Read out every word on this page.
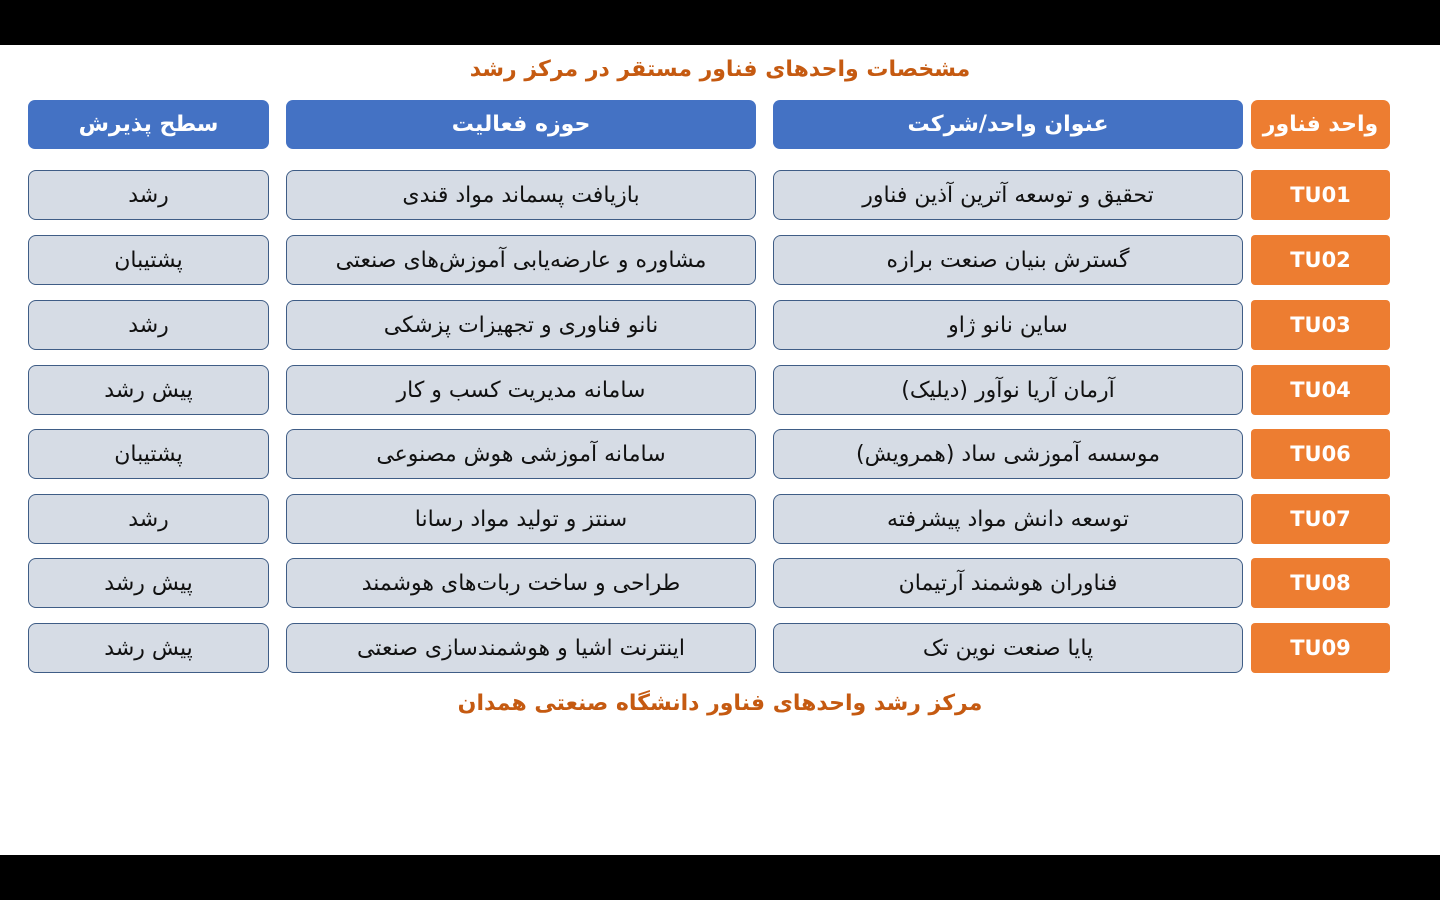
مشخصات واحدهای فناور مستقر در مرکز رشد
واحد فناور
عنوان واحد/شرکت
حوزه فعالیت
سطح پذیرش
TU01
تحقیق و توسعه آترین آذین فناور
بازیافت پسماند مواد قندی
رشد
TU02
گسترش بنیان صنعت برازه
مشاوره و عارضه‌یابی آموزش‌های صنعتی
پشتیبان
TU03
ساین نانو ژاو
نانو فناوری و تجهیزات پزشکی
رشد
TU04
آرمان آریا نوآور (دیلیک)
سامانه مدیریت کسب و کار
پیش رشد
TU06
موسسه آموزشی ساد (همرویش)
سامانه آموزشی هوش مصنوعی
پشتیبان
TU07
توسعه دانش مواد پیشرفته
سنتز و تولید مواد رسانا
رشد
TU08
فناوران هوشمند آرتیمان
طراحی و ساخت ربات‌های هوشمند
پیش رشد
TU09
پایا صنعت نوین تک
اینترنت اشیا و هوشمندسازی صنعتی
پیش رشد
مرکز رشد واحدهای فناور دانشگاه صنعتی همدان
